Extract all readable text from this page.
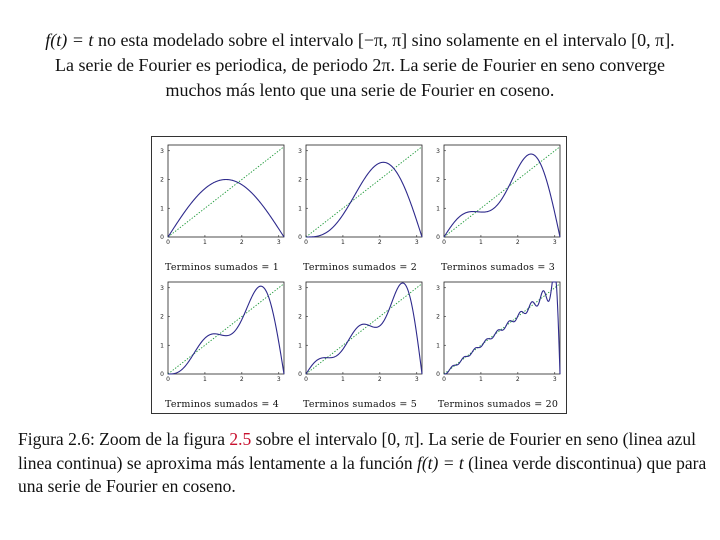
f(t) = t no esta modelado sobre el intervalo [−π, π] sino solamente en el intervalo [0, π].
La serie de Fourier es periodica, de periodo 2π. La serie de Fourier en seno converge
muchos más lento que una serie de Fourier en coseno.
0	1	2	3
0
1
2
3
Terminos sumados = 1
0	1	2	3
0
1
2
3
Terminos sumados = 2
0	1	2	3
0
1
2
3
Terminos sumados = 3
0	1	2	3
0
1
2
3
Terminos sumados = 4
0	1	2	3
0
1
2
3
Terminos sumados = 5
0	1	2	3
0
1
2
3
Terminos sumados = 20
Figura 2.6: Zoom de la figura 2.5 sobre el intervalo [0, π]. La serie de Fourier en seno (linea azul linea continua) se aproxima más lentamente a la función f(t) = t (linea verde discontinua) que para una serie de Fourier en coseno.
